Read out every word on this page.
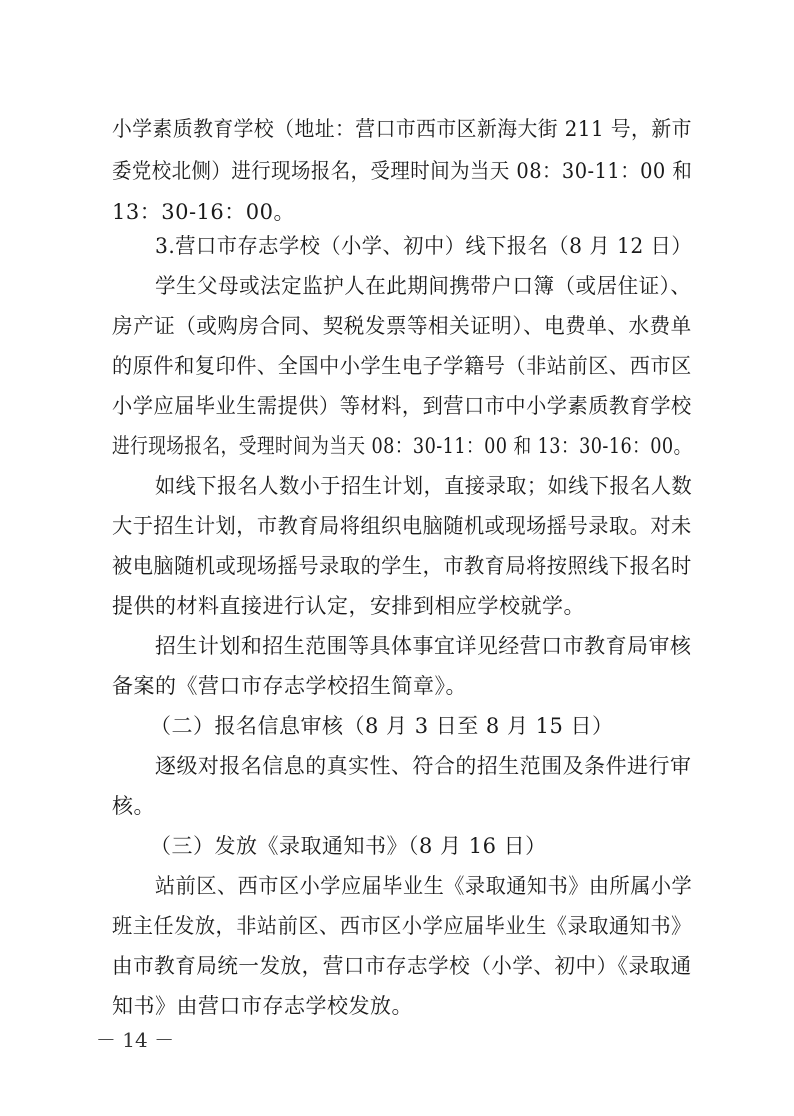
小学素质教育学校（地址：营口市西市区新海大街 211 号，新市
委党校北侧）进行现场报名，受理时间为当天 08：30-11：00 和
13：30-16：00。
3.营口市存志学校（小学、初中）线下报名（8 月 12 日）
学生父母或法定监护人在此期间携带户口簿（或居住证）、
房产证（或购房合同、契税发票等相关证明）、电费单、水费单
的原件和复印件、全国中小学生电子学籍号（非站前区、西市区
小学应届毕业生需提供）等材料，到营口市中小学素质教育学校
进行现场报名，受理时间为当天 08：30-11：00 和 13：30-16：00。
如线下报名人数小于招生计划，直接录取；如线下报名人数
大于招生计划，市教育局将组织电脑随机或现场摇号录取。对未
被电脑随机或现场摇号录取的学生，市教育局将按照线下报名时
提供的材料直接进行认定，安排到相应学校就学。
招生计划和招生范围等具体事宜详见经营口市教育局审核
备案的《营口市存志学校招生简章》。
（二）报名信息审核（8 月 3 日至 8 月 15 日）
逐级对报名信息的真实性、符合的招生范围及条件进行审
核。
（三）发放《录取通知书》（8 月 16 日）
站前区、西市区小学应届毕业生《录取通知书》由所属小学
班主任发放，非站前区、西市区小学应届毕业生《录取通知书》
由市教育局统一发放，营口市存志学校（小学、初中）《录取通
知书》由营口市存志学校发放。
－ 14 －
